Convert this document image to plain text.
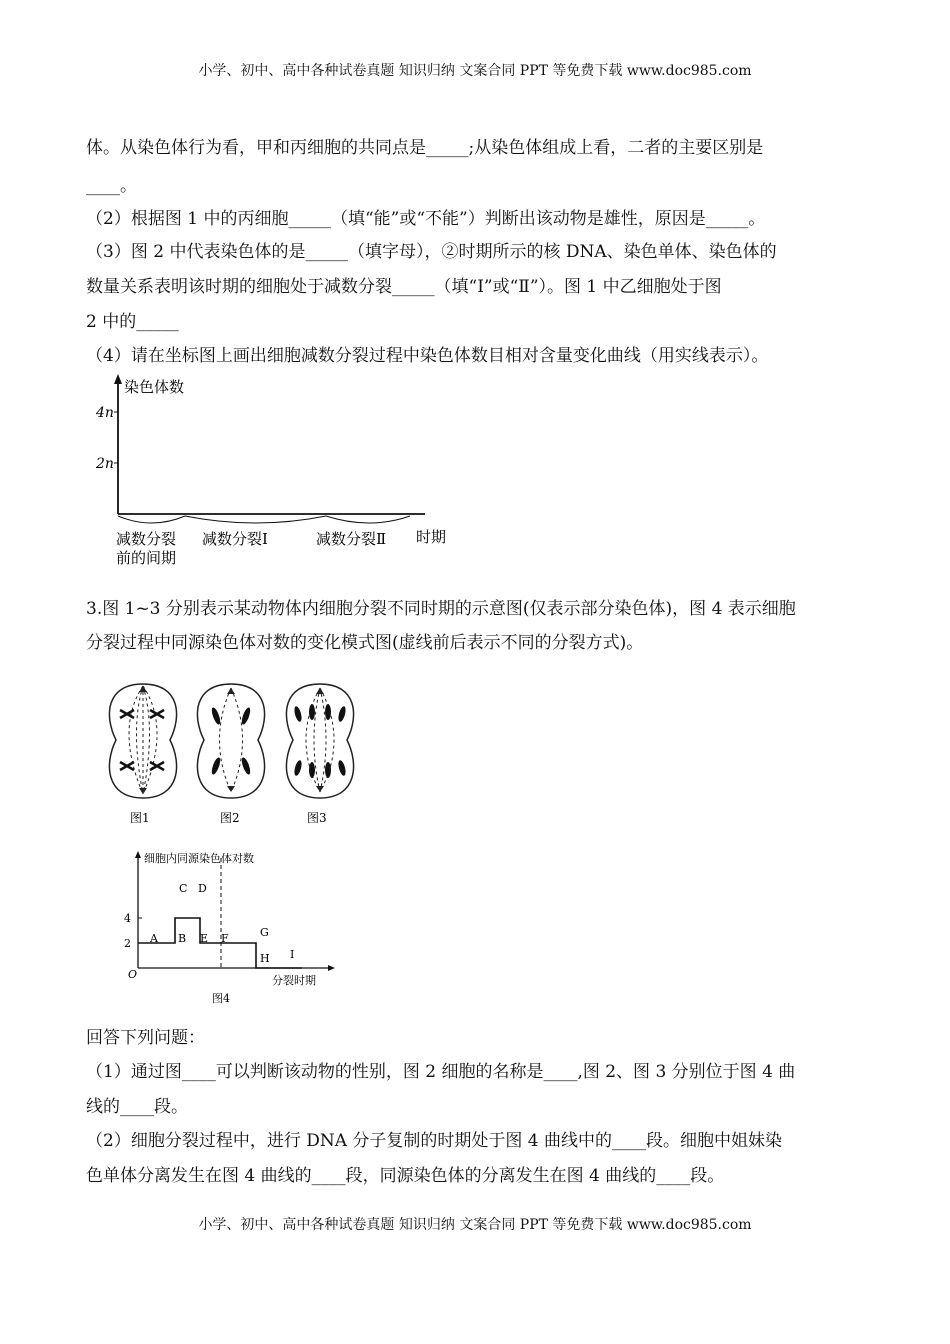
小学、初中、高中各种试卷真题 知识归纳 文案合同 PPT 等免费下载 www.doc985.com
体。从染色体行为看，甲和丙细胞的共同点是_____;从染色体组成上看，二者的主要区别是
____。
（2）根据图 1 中的丙细胞_____（填“能”或“不能”）判断出该动物是雄性，原因是_____。
（3）图 2 中代表染色体的是_____（填字母），②时期所示的核 DNA、染色单体、染色体的
数量关系表明该时期的细胞处于减数分裂_____（填“Ⅰ”或“Ⅱ”）。图 1 中乙细胞处于图
2 中的_____
（4）请在坐标图上画出细胞减数分裂过程中染色体数目相对含量变化曲线（用实线表示）。
染色体数
4n
2n
减数分裂
前的间期
减数分裂Ⅰ	减数分裂Ⅱ 时期
3.图 1~3 分别表示某动物体内细胞分裂不同时期的示意图(仅表示部分染色体)，图 4 表示细胞
分裂过程中同源染色体对数的变化模式图(虚线前后表示不同的分裂方式)。
图1	图2	图3
细胞内同源染色体对数
分裂时期
O
图4
2
4
A B
C D
E F	G
H I
回答下列问题：
（1）通过图____可以判断该动物的性别，图 2 细胞的名称是____,图 2、图 3 分别位于图 4 曲
线的____段。
（2）细胞分裂过程中，进行 DNA 分子复制的时期处于图 4 曲线中的____段。细胞中姐妹染
色单体分离发生在图 4 曲线的____段，同源染色体的分离发生在图 4 曲线的____段。
小学、初中、高中各种试卷真题 知识归纳 文案合同 PPT 等免费下载 www.doc985.com
